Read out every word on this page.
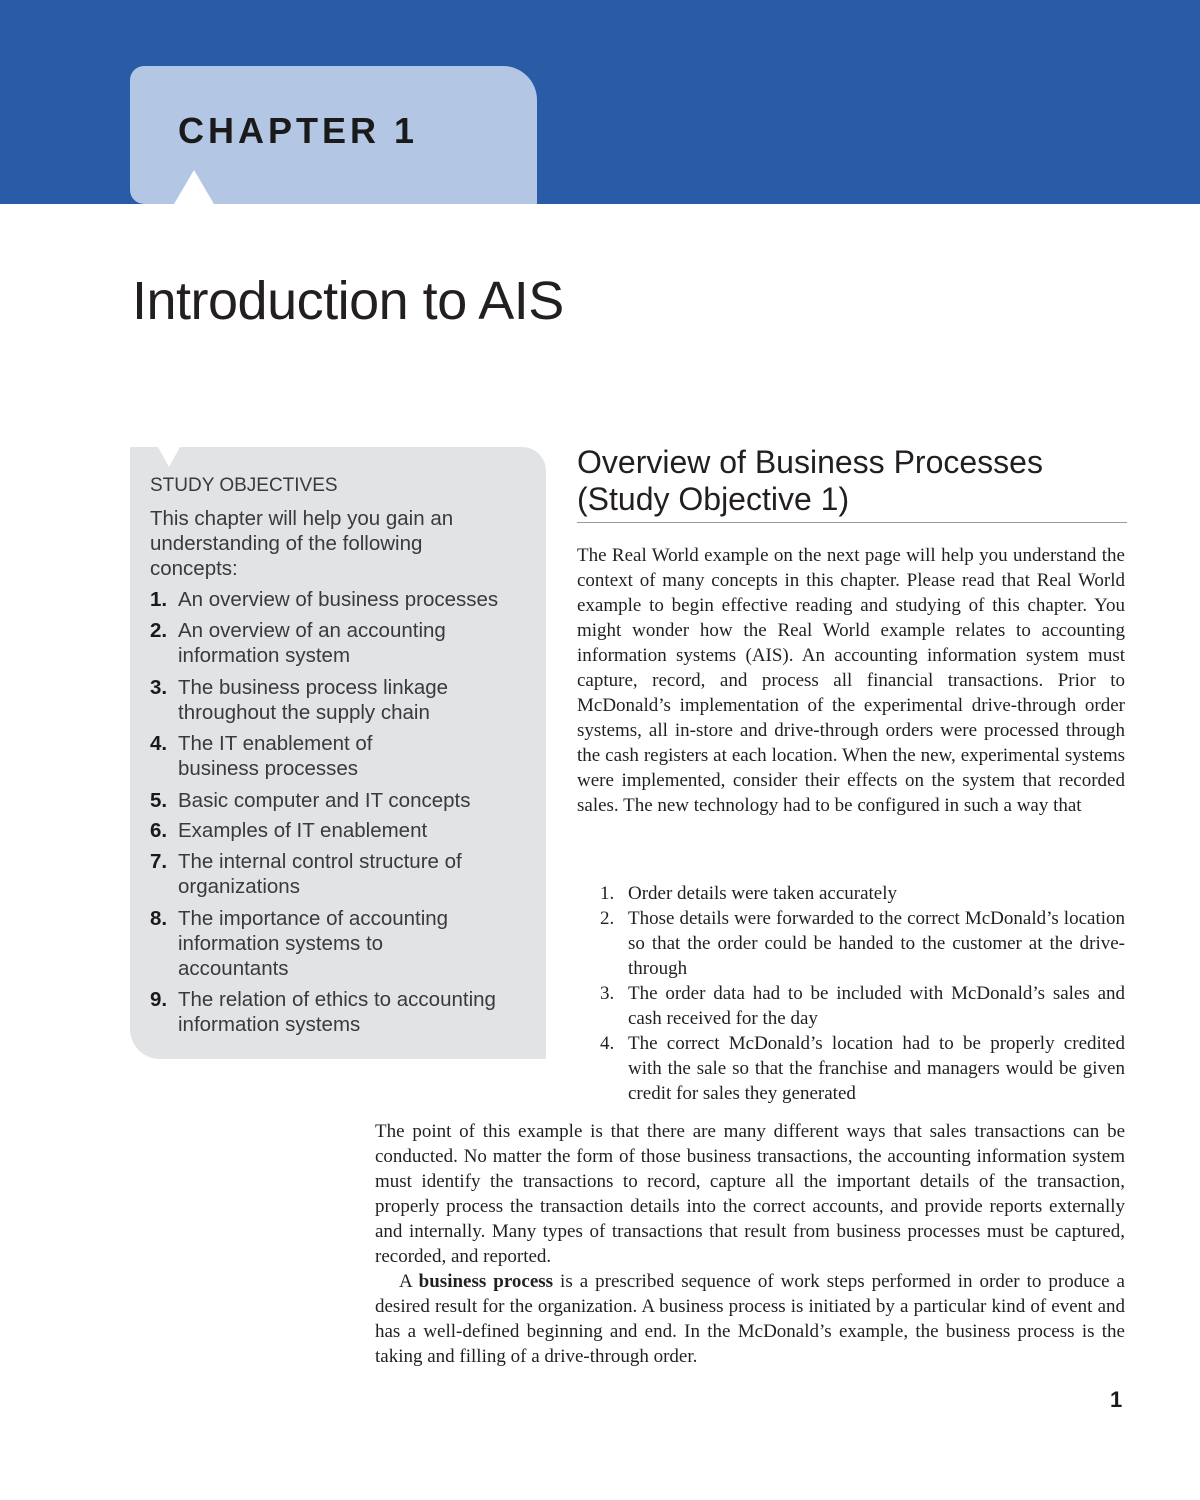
CHAPTER 1
Introduction to AIS
STUDY OBJECTIVES
This chapter will help you gain an understanding of the following concepts:
1. An overview of business processes
2. An overview of an accounting information system
3. The business process linkage throughout the supply chain
4. The IT enablement of business processes
5. Basic computer and IT concepts
6. Examples of IT enablement
7. The internal control structure of organizations
8. The importance of accounting information systems to accountants
9. The relation of ethics to accounting information systems
Overview of Business Processes (Study Objective 1)

The Real World example on the next page will help you understand the context of many concepts in this chapter. Please read that Real World example to begin effective reading and studying of this chapter. You might wonder how the Real World example relates to accounting information systems (AIS). An accounting information system must capture, record, and process all financial transactions. Prior to McDonald’s implementation of the experimental drive-through order systems, all in-store and drive-through orders were processed through the cash registers at each location. When the new, experimental systems were implemented, consider their effects on the system that recorded sales. The new technology had to be configured in such a way that

1. Order details were taken accurately
2. Those details were forwarded to the correct McDonald’s location so that the order could be handed to the customer at the drive-through
3. The order data had to be included with McDonald’s sales and cash received for the day
4. The correct McDonald’s location had to be properly credited with the sale so that the franchise and managers would be given credit for sales they generated

The point of this example is that there are many different ways that sales transactions can be conducted. No matter the form of those business transactions, the accounting information system must identify the transactions to record, capture all the important details of the transaction, properly process the transaction details into the correct accounts, and provide reports externally and internally. Many types of transactions that result from business processes must be captured, recorded, and reported.

A business process is a prescribed sequence of work steps performed in order to produce a desired result for the organization. A business process is initiated by a particular kind of event and has a well-defined beginning and end. In the McDonald’s example, the business process is the taking and filling of a drive-through order.

1
